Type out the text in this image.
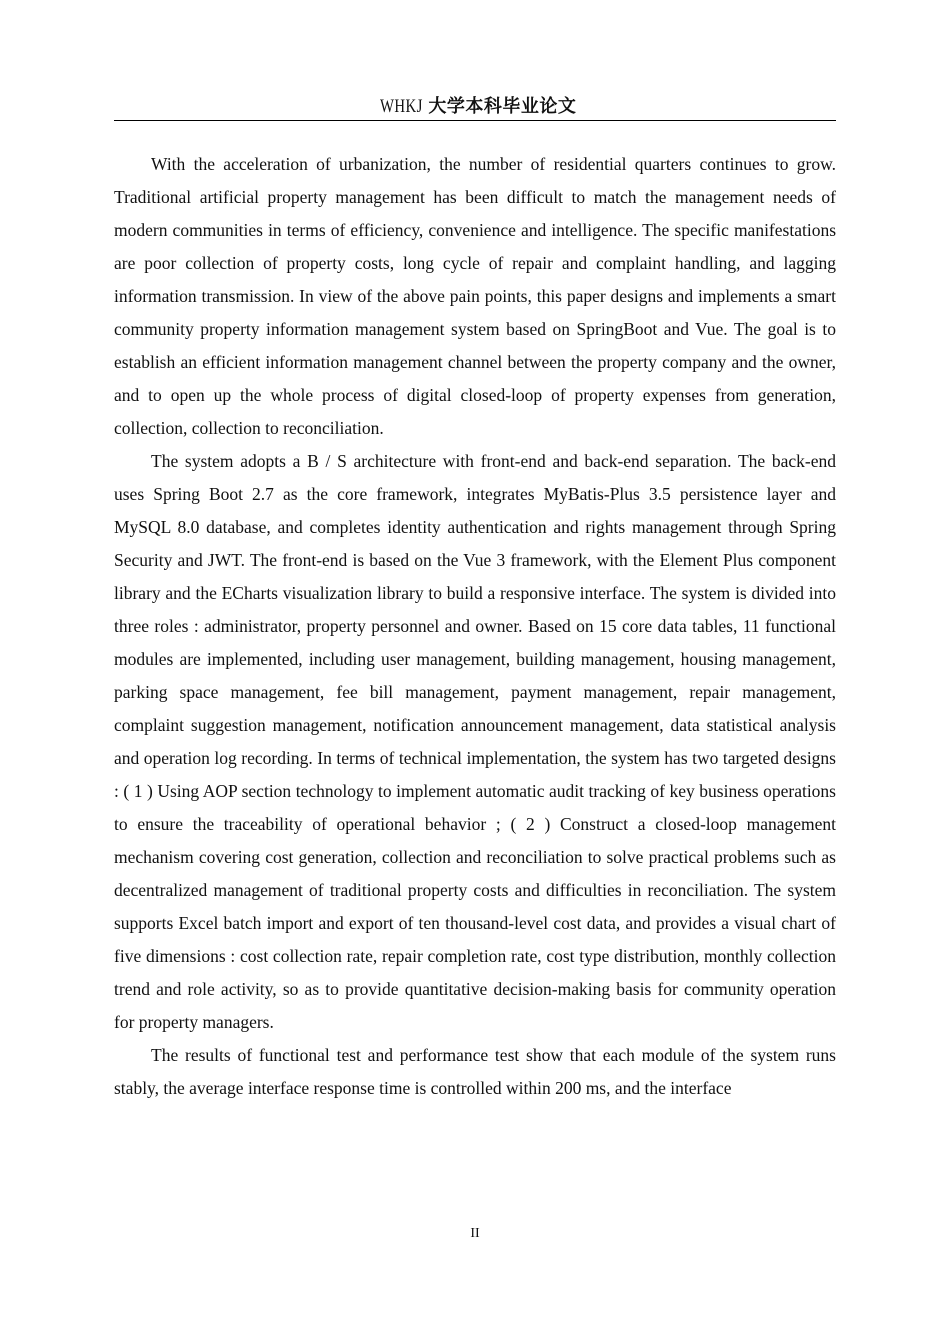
WHKJ 大学本科毕业论文

With the acceleration of urbanization, the number of residential quarters continues to grow. Traditional artificial property management has been difficult to match the management needs of modern communities in terms of efficiency, convenience and intelligence. The specific manifestations are poor collection of property costs, long cycle of repair and complaint handling, and lagging information transmission. In view of the above pain points, this paper designs and implements a smart community property information management system based on SpringBoot and Vue. The goal is to establish an efficient information management channel between the property company and the owner, and to open up the whole process of digital closed-loop of property expenses from generation, collection, collection to reconciliation.

The system adopts a B / S architecture with front-end and back-end separation. The back-end uses Spring Boot 2.7 as the core framework, integrates MyBatis-Plus 3.5 persistence layer and MySQL 8.0 database, and completes identity authentication and rights management through Spring Security and JWT. The front-end is based on the Vue 3 framework, with the Element Plus component library and the ECharts visualization library to build a responsive interface. The system is divided into three roles : administrator, property personnel and owner. Based on 15 core data tables, 11 functional modules are implemented, including user management, building management, housing management, parking space management, fee bill management, payment management, repair management, complaint suggestion management, notification announcement management, data statistical analysis and operation log recording. In terms of technical implementation, the system has two targeted designs : ( 1 ) Using AOP section technology to implement automatic audit tracking of key business operations to ensure the traceability of operational behavior ; ( 2 ) Construct a closed-loop management mechanism covering cost generation, collection and reconciliation to solve practical problems such as decentralized management of traditional property costs and difficulties in reconciliation. The system supports Excel batch import and export of ten thousand-level cost data, and provides a visual chart of five dimensions : cost collection rate, repair completion rate, cost type distribution, monthly collection trend and role activity, so as to provide quantitative decision-making basis for community operation for property managers.

The results of functional test and performance test show that each module of the system runs stably, the average interface response time is controlled within 200 ms, and the interface

II
